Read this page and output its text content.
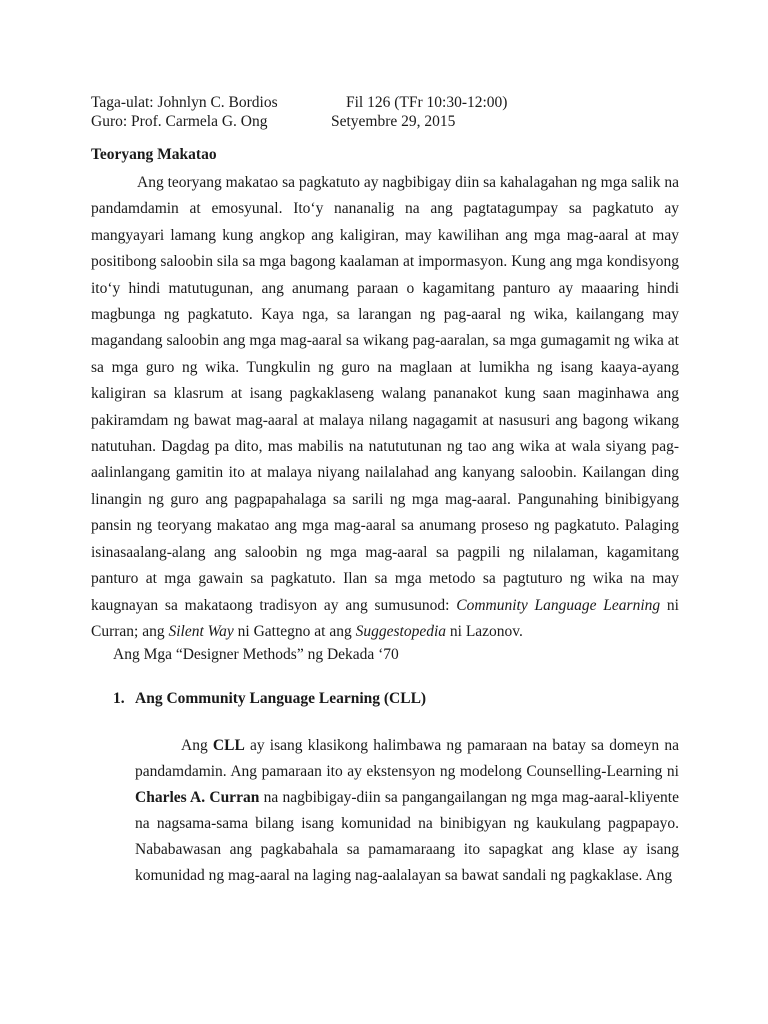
Taga-ulat: Johnlyn C. Bordios	Fil 126 (TFr 10:30-12:00)
Guro: Prof. Carmela G. Ong	Setyembre 29, 2015
Teoryang Makatao

Ang teoryang makatao sa pagkatuto ay nagbibigay diin sa kahalagahan ng mga salik na pandamdamin at emosyunal. Ito‘y nananalig na ang pagtatagumpay sa pagkatuto ay mangyayari lamang kung angkop ang kaligiran, may kawilihan ang mga mag-aaral at may positibong saloobin sila sa mga bagong kaalaman at impormasyon. Kung ang mga kondisyong ito‘y hindi matutugunan, ang anumang paraan o kagamitang panturo ay maaaring hindi magbunga ng pagkatuto. Kaya nga, sa larangan ng pag-aaral ng wika, kailangang may magandang saloobin ang mga mag-aaral sa wikang pag-aaralan, sa mga gumagamit ng wika at sa mga guro ng wika. Tungkulin ng guro na maglaan at lumikha ng isang kaaya-ayang kaligiran sa klasrum at isang pagkaklaseng walang pananakot kung saan maginhawa ang pakiramdam ng bawat mag-aaral at malaya nilang nagagamit at nasusuri ang bagong wikang natutuhan. Dagdag pa dito, mas mabilis na natututunan ng tao ang wika at wala siyang pag-aalinlangang gamitin ito at malaya niyang nailalahad ang kanyang saloobin. Kailangan ding linangin ng guro ang pagpapahalaga sa sarili ng mga mag-aaral. Pangunahing binibigyang pansin ng teoryang makatao ang mga mag-aaral sa anumang proseso ng pagkatuto. Palaging isinasaalang-alang ang saloobin ng mga mag-aaral sa pagpili ng nilalaman, kagamitang panturo at mga gawain sa pagkatuto. Ilan sa mga metodo sa pagtuturo ng wika na may kaugnayan sa makataong tradisyon ay ang sumusunod: Community Language Learning ni Curran; ang Silent Way ni Gattegno at ang Suggestopedia ni Lazonov.

Ang Mga “Designer Methods” ng Dekada ‘70
1. Ang Community Language Learning (CLL)

Ang CLL ay isang klasikong halimbawa ng pamaraan na batay sa domeyn na pandamdamin. Ang pamaraan ito ay ekstensyon ng modelong Counselling-Learning ni Charles A. Curran na nagbibigay-diin sa pangangailangan ng mga mag-aaral-kliyente na nagsama-sama bilang isang komunidad na binibigyan ng kaukulang pagpapayo. Nababawasan ang pagkabahala sa pamamaraang ito sapagkat ang klase ay isang komunidad ng mag-aaral na laging nag-aalalayan sa bawat sandali ng pagkaklase. Ang
